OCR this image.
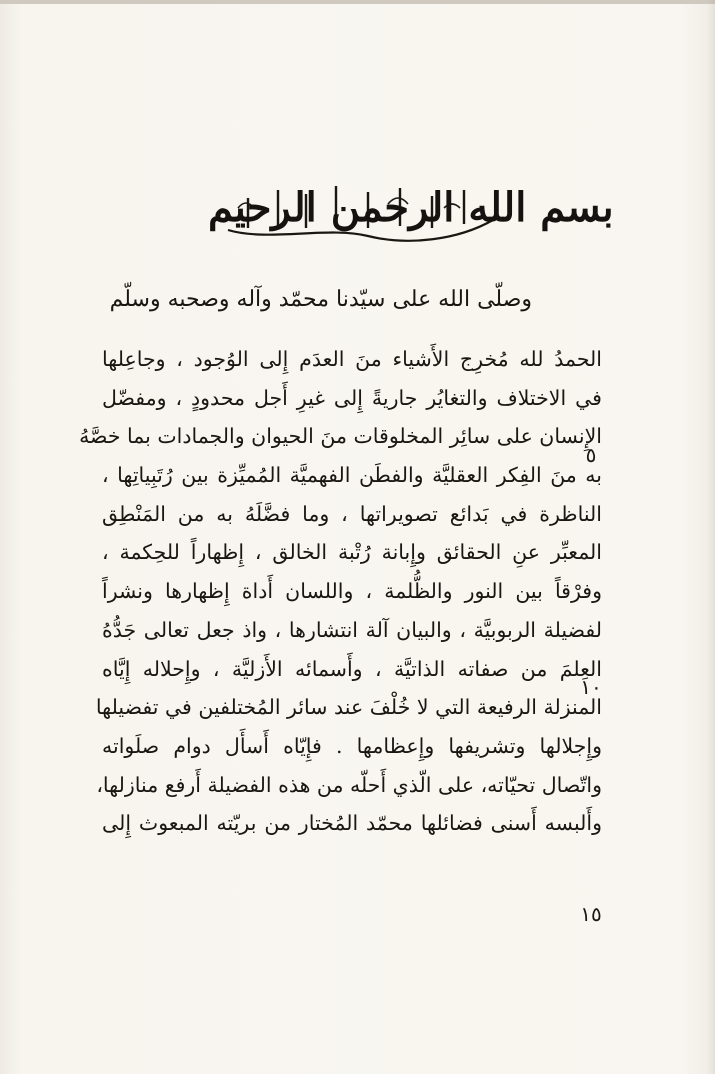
بسم الله الرحمن الرحيم
وصلّى الله على سيّدنا محمّد وآله وصحبه وسلّم
الحمدُ لله مُخرِج الأَشياء منَ العدَم إِلى الوُجود ، وجاعِلها
في الاختلاف والتغايُر جاريةً إِلى غيرِ أَجل محدودٍ ، ومفضّل
الإِنسان على سائِر المخلوقات منَ الحيوان والجمادات بما خصَّهُ
به منَ الفِكر العقليَّة والفطَن الفهميَّة المُميِّزة بين رُتَبِياتِها ،
الناظرة في بَدائع تصويراتها ، وما فضَّلَهُ به من المَنْطِق
المعبِّر عنِ الحقائق وإِبانة رُتْبة الخالق ، إِظهاراً للحِكمة ،
وفرْقاً بين النور والظُّلمة ، واللسان أَداة إِظهارها ونشراً
لفضيلة الربوبيَّة ، والبيان آلة انتشارها ، واذ جعل تعالى جَدُّهُ
العِلمَ من صفاته الذاتيَّة ، وأَسمائه الأَزليَّة ، وإِحلاله إِيَّاه
المنزلة الرفيعة التي لا خُلْفَ عند سائر المُختلفين في تفضيلها
وإِجلالها وتشريفها وإِعظامها . فإِيّاه أَسأَل دوام صلَواته
واتّصال تحيّاته، على الّذي أَحلّه من هذه الفضيلة أَرفع منازلها،
وأَلبسه أَسنى فضائلها محمّد المُختار من بريّته المبعوث إِلى
٥
١٠
١٥
